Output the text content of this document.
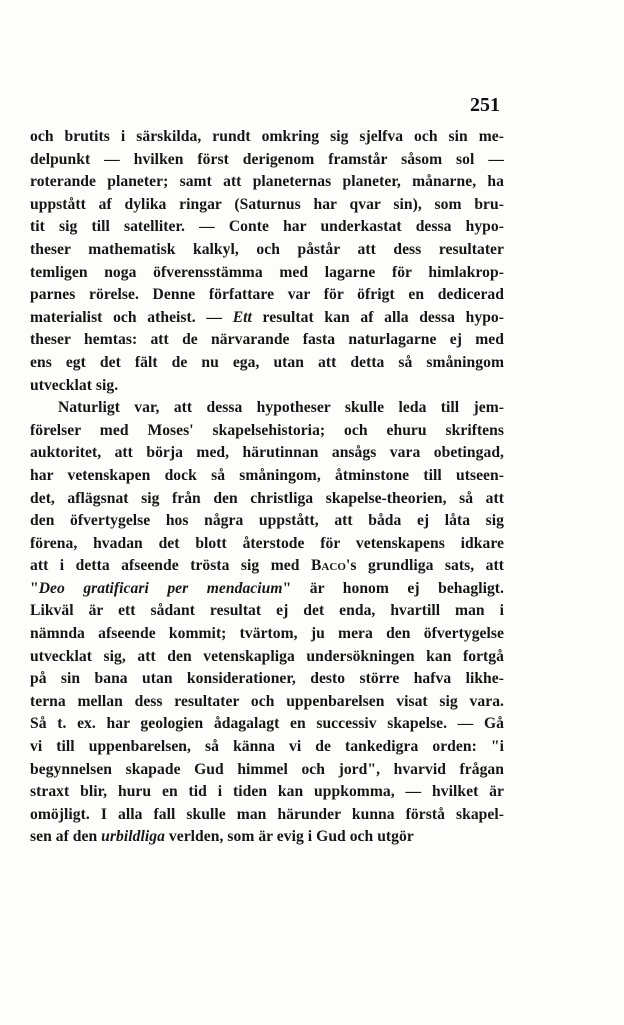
251
och brutits i särskilda, rundt omkring sig sjelfva och sin me-
delpunkt — hvilken först derigenom framstår såsom sol —
roterande planeter; samt att planeternas planeter, månarne, ha
uppstått af dylika ringar (Saturnus har qvar sin), som bru-
tit sig till satelliter. — Conte har underkastat dessa hypo-
theser mathematisk kalkyl, och påstår att dess resultater
temligen noga öfverensstämma med lagarne för himlakrop-
parnes rörelse. Denne författare var för öfrigt en dedicerad
materialist och atheist. — Ett resultat kan af alla dessa hypo-
theser hemtas: att de närvarande fasta naturlagarne ej med
ens egt det fält de nu ega, utan att detta så småningom
utvecklat sig.
Naturligt var, att dessa hypotheser skulle leda till jem-
förelser med Moses' skapelsehistoria; och ehuru skriftens
auktoritet, att börja med, härutinnan ansågs vara obetingad,
har vetenskapen dock så småningom, åtminstone till utseen-
det, aflägsnat sig från den christliga skapelse-theorien, så att
den öfvertygelse hos några uppstått, att båda ej låta sig
förena, hvadan det blott återstode för vetenskapens idkare
att i detta afseende trösta sig med Baco's grundliga sats, att
"Deo gratificari per mendacium" är honom ej behagligt.
Likväl är ett sådant resultat ej det enda, hvartill man i
nämnda afseende kommit; tvärtom, ju mera den öfvertygelse
utvecklat sig, att den vetenskapliga undersökningen kan fortgå
på sin bana utan konsiderationer, desto större hafva likhe-
terna mellan dess resultater och uppenbarelsen visat sig vara.
Så t. ex. har geologien ådagalagt en successiv skapelse. — Gå
vi till uppenbarelsen, så känna vi de tankedigra orden: "i
begynnelsen skapade Gud himmel och jord", hvarvid frågan
straxt blir, huru en tid i tiden kan uppkomma, — hvilket är
omöjligt. I alla fall skulle man härunder kunna förstå skapel-
sen af den urbildliga verlden, som är evig i Gud och utgör
